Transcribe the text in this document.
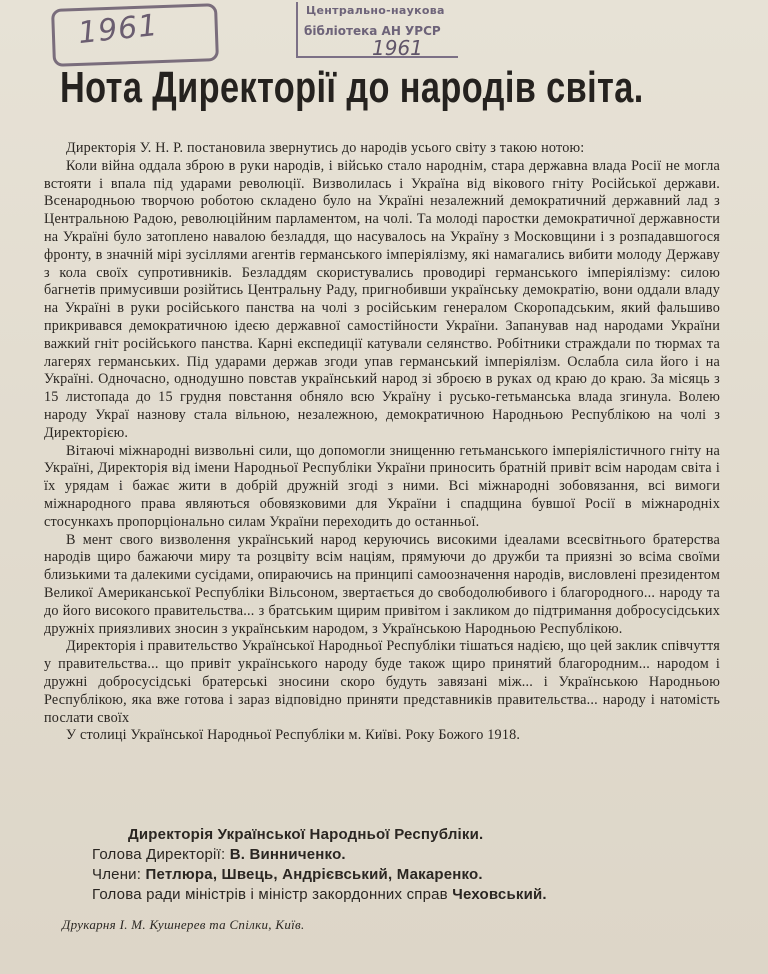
1961	Центрально-наукова
бібліотека АН УРСР
1961
Нота Директорії до народів світа.

Директорія У. Н. Р. постановила звернутись до народів усього світу з такою нотою:

Коли війна оддала зброю в руки народів, і військо стало народнім, стара державна влада Росії не могла встояти і впала під ударами революції. Визволилась і Україна від вікового гніту Російської держави. Всенародньою творчою роботою складено було на Україні незалежний демократичний державний лад з Центральною Радою, революційним парламентом, на чолі. Та молоді паростки демократичної державности на Україні було затоплено навалою безладдя, що насувалось на Україну з Московщини і з розпадавшогося фронту, в значній мірі зусіллями агентів германського імперіялізму, які намагались вибити молоду Державу з кола своїх супротивників. Безладдям скористувались проводирі германського імперіялізму: силою багнетів примусивши розійтись Центральну Раду, пригнобивши українську демократію, вони оддали владу на Україні в руки російського панства на чолі з російським генералом Скоропадським, який фальшиво прикривався демократичною ідеєю державної самостійности України. Запанував над народами України важкий гніт російського панства. Карні експедиції катували селянство. Робітники страждали по тюрмах та лагерях германських. Під ударами держав згоди упав германський імперіялізм. Ослабла сила його і на Україні. Одночасно, однодушно повстав український народ зі зброєю в руках од краю до краю. За місяць з 15 листопада до 15 грудня повстання обняло всю Україну і русько-гетьманська влада згинула. Волею народу Украї назнову стала вільною, незалежною, демократичною Народньою Республікою на чолі з Директорією.

Вітаючі міжнародні визвольні сили, що допомогли знищенню гетьманського імперіялістичного гніту на Україні, Директорія від імени Народньої Республіки України приносить братній привіт всім народам світа і їх урядам і бажає жити в добрій дружній згоді з ними. Всі міжнародні зобовязання, всі вимоги міжнародного права являються обовязковими для України і спадщина бувшої Росії в міжнародніх стосункахъ пропорціонально силам України переходить до останньої.

В мент свого визволення український народ керуючись високими ідеалами всесвітнього братерства народів щиро бажаючи миру та розцвіту всім націям, прямуючи до дружби та приязні зо всіма своїми близькими та далекими сусідами, опираючись на принципі самоозначення народів, висловлені президентом Великої Американської Республіки Вільсоном, звертається до свободолюбивого і благородного... народу та до його високого правительства... з братським щирим привітом і закликом до підтримання добросусідських дружніх приязливих зносин з українським народом, з Українською Народньою Республікою.

Директорія і правительство Української Народньої Республіки тішаться надією, що цей заклик співчуття у правительства... що привіт українського народу буде також щиро принятий благородним... народом і дружні добросусідські братерські зносини скоро будуть завязані між... і Українською Народньою Республікою, яка вже готова і зараз відповідно приняти представників правительства... народу і натомість послати своїх

У столиці Української Народньої Республіки м. Київі. Року Божого 1918.

Директорія Української Народньої Республіки.
Голова Директорії: В. Винниченко.
Члени: Петлюра, Швець, Андрієвський, Макаренко.
Голова ради міністрів і міністр закордонних справ Чеховський.
Друкарня І. М. Кушнерев та Спілки, Київ.
